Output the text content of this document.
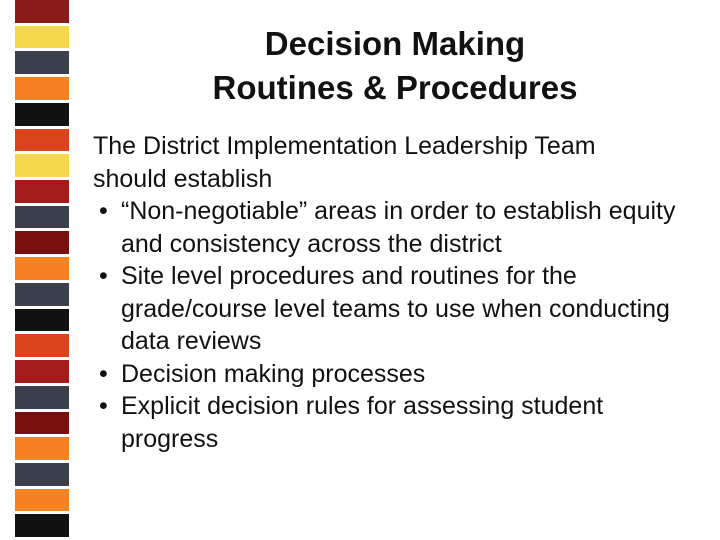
Decision Making
Routines & Procedures
The District Implementation Leadership Team
should establish
• “Non-negotiable” areas in order to establish equity and consistency across the district
• Site level procedures and routines for the grade/course level teams to use when conducting data reviews
• Decision making processes
• Explicit decision rules for assessing student progress
